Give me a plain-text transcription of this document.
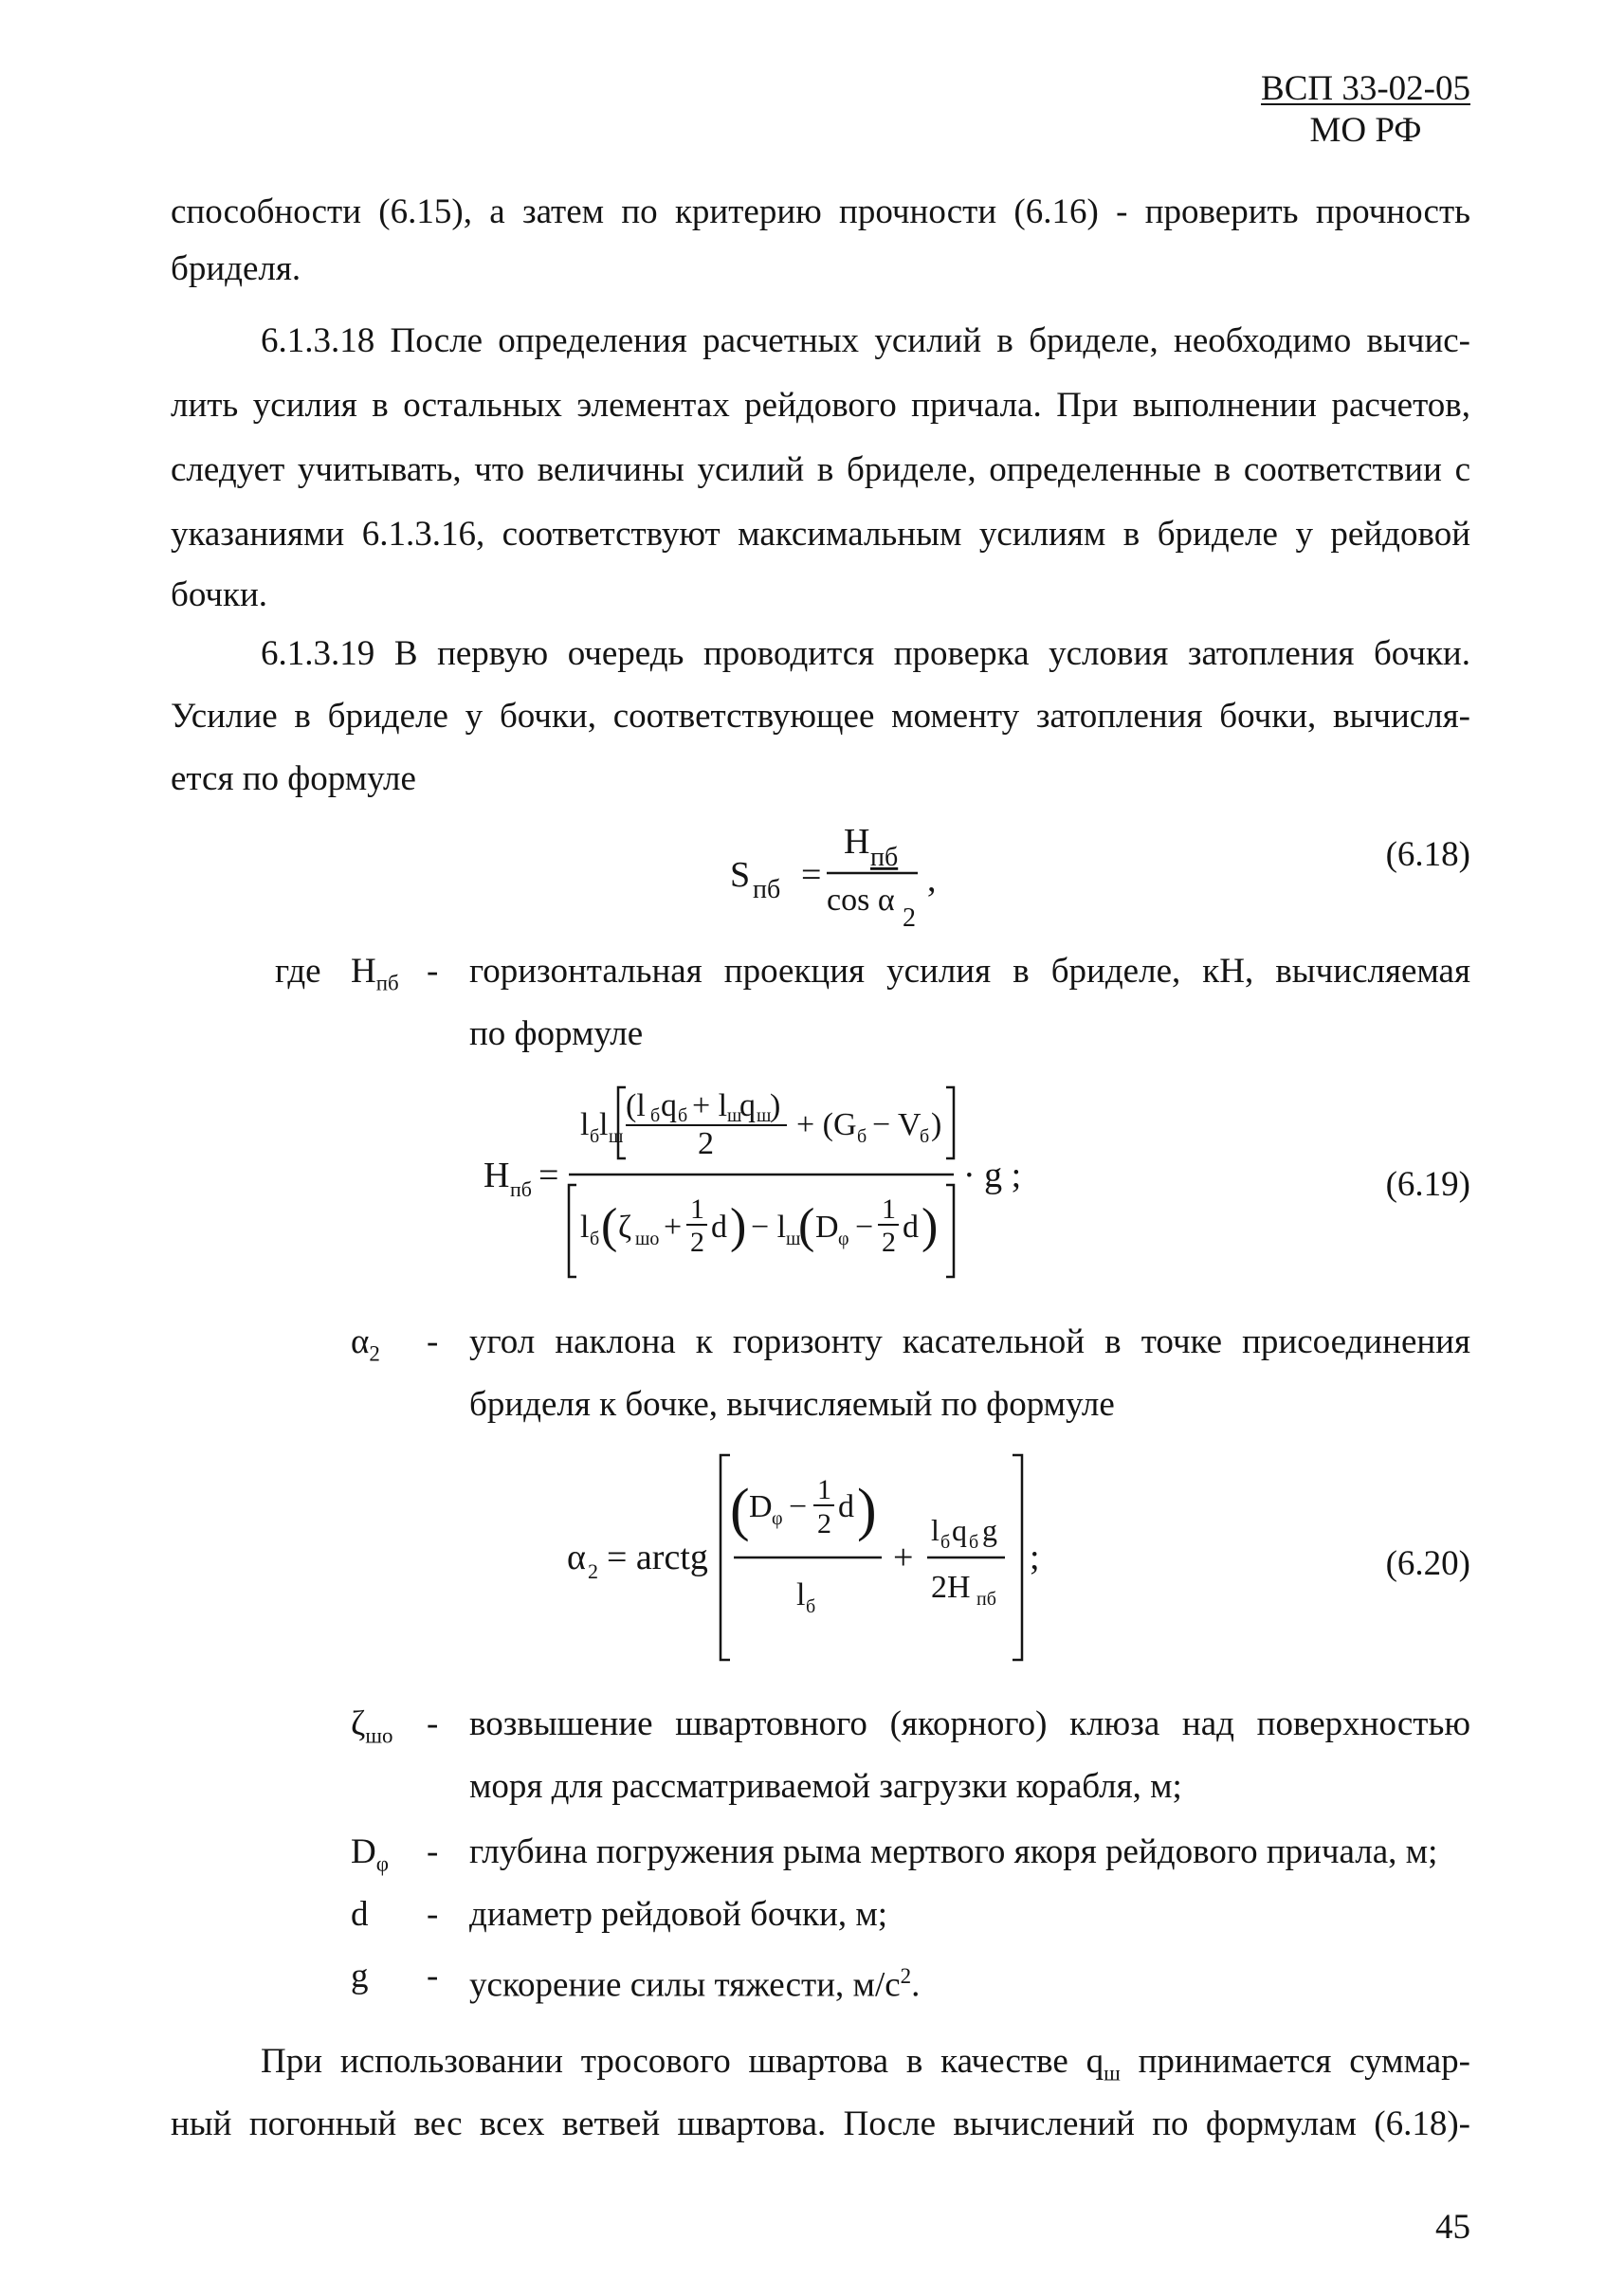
ВСП 33-02-05
МО РФ
способности (6.15), а затем по критерию прочности (6.16) - проверить прочность
бриделя.
6.1.3.18 После определения расчетных усилий в бриделе, необходимо вычис-
лить усилия в остальных элементах рейдового причала. При выполнении расчетов,
следует учитывать, что величины усилий в бриделе, определенные в соответствии с
указаниями 6.1.3.16, соответствуют максимальным усилиям в бриделе у рейдовой
бочки.
6.1.3.19 В первую очередь проводится проверка условия затопления бочки.
Усилие в бриделе у бочки, соответствующее моменту затопления бочки, вычисля-
ется по формуле
S пб =
H пб
cos α
2
,
(6.18)
где $H_{пб}$ - горизонтальная проекция усилия в бриделе, кН, вычисляемая
по формуле
H пб =
l б l ш
(l б q б + l ш
q ш
)
2
+ (G б − V
б )
l б ( ζ шо +
1
2 d ) − l ш
( D φ −
1
2 d )
· g ;	(6.19)
$\alpha_2$ - угол наклона к горизонту касательной в точке присоединения
бриделя к бочке, вычисляемый по формуле
α 2 = arctg
( D φ − 1
2 d )
l б
+
l б q б g
2H пб
;	(6.20)
$\zeta_{шо}$ - возвышение швартовного (якорного) клюза над поверхностью
моря для рассматриваемой загрузки корабля, м;
$D_\varphi$ - глубина погружения рыма мертвого якоря рейдового причала, м;
d - диаметр рейдовой бочки, м;
g - ускорение силы тяжести, $м/с^2$.
При использовании тросового швартова в качестве $q_ш$ принимается суммар-
ный погонный вес всех ветвей швартова. После вычислений по формулам (6.18)-
45
